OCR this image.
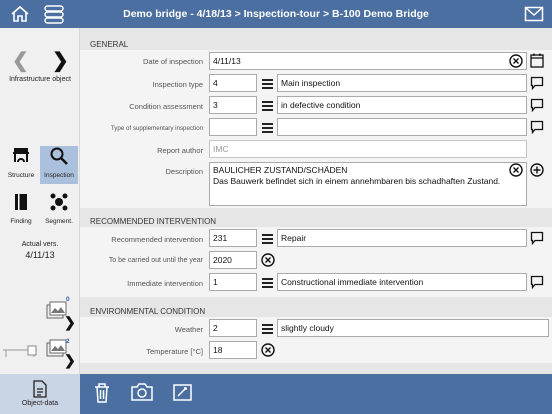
Demo bridge - 4/18/13 > Inspection-tour > B-100 Demo Bridge
❮ ❯
Infrastructure object
Structure	Inspection
Finding	Segment.
Actual vers.
4/11/13
0
❯
2
❯
GENERAL
Date of inspection	4/11/13
Inspection type	4	Main inspection
Condition assessment	3	in defective condition
Type of supplementary inspection
Report author	IMC
Description BAULICHER ZUSTAND/SCHÄDEN
Das Bauwerk befindet sich in einem annehmbaren bis schadhaften Zustand.
RECOMMENDED INTERVENTION
Recommended intervention	231	Repair
To be carried out until the year	2020
Immediate intervention	1	Constructional immediate intervention
ENVIRONMENTAL CONDITION
Weather	2	slightly cloudy
Temperature [°C]	18
Object-data
